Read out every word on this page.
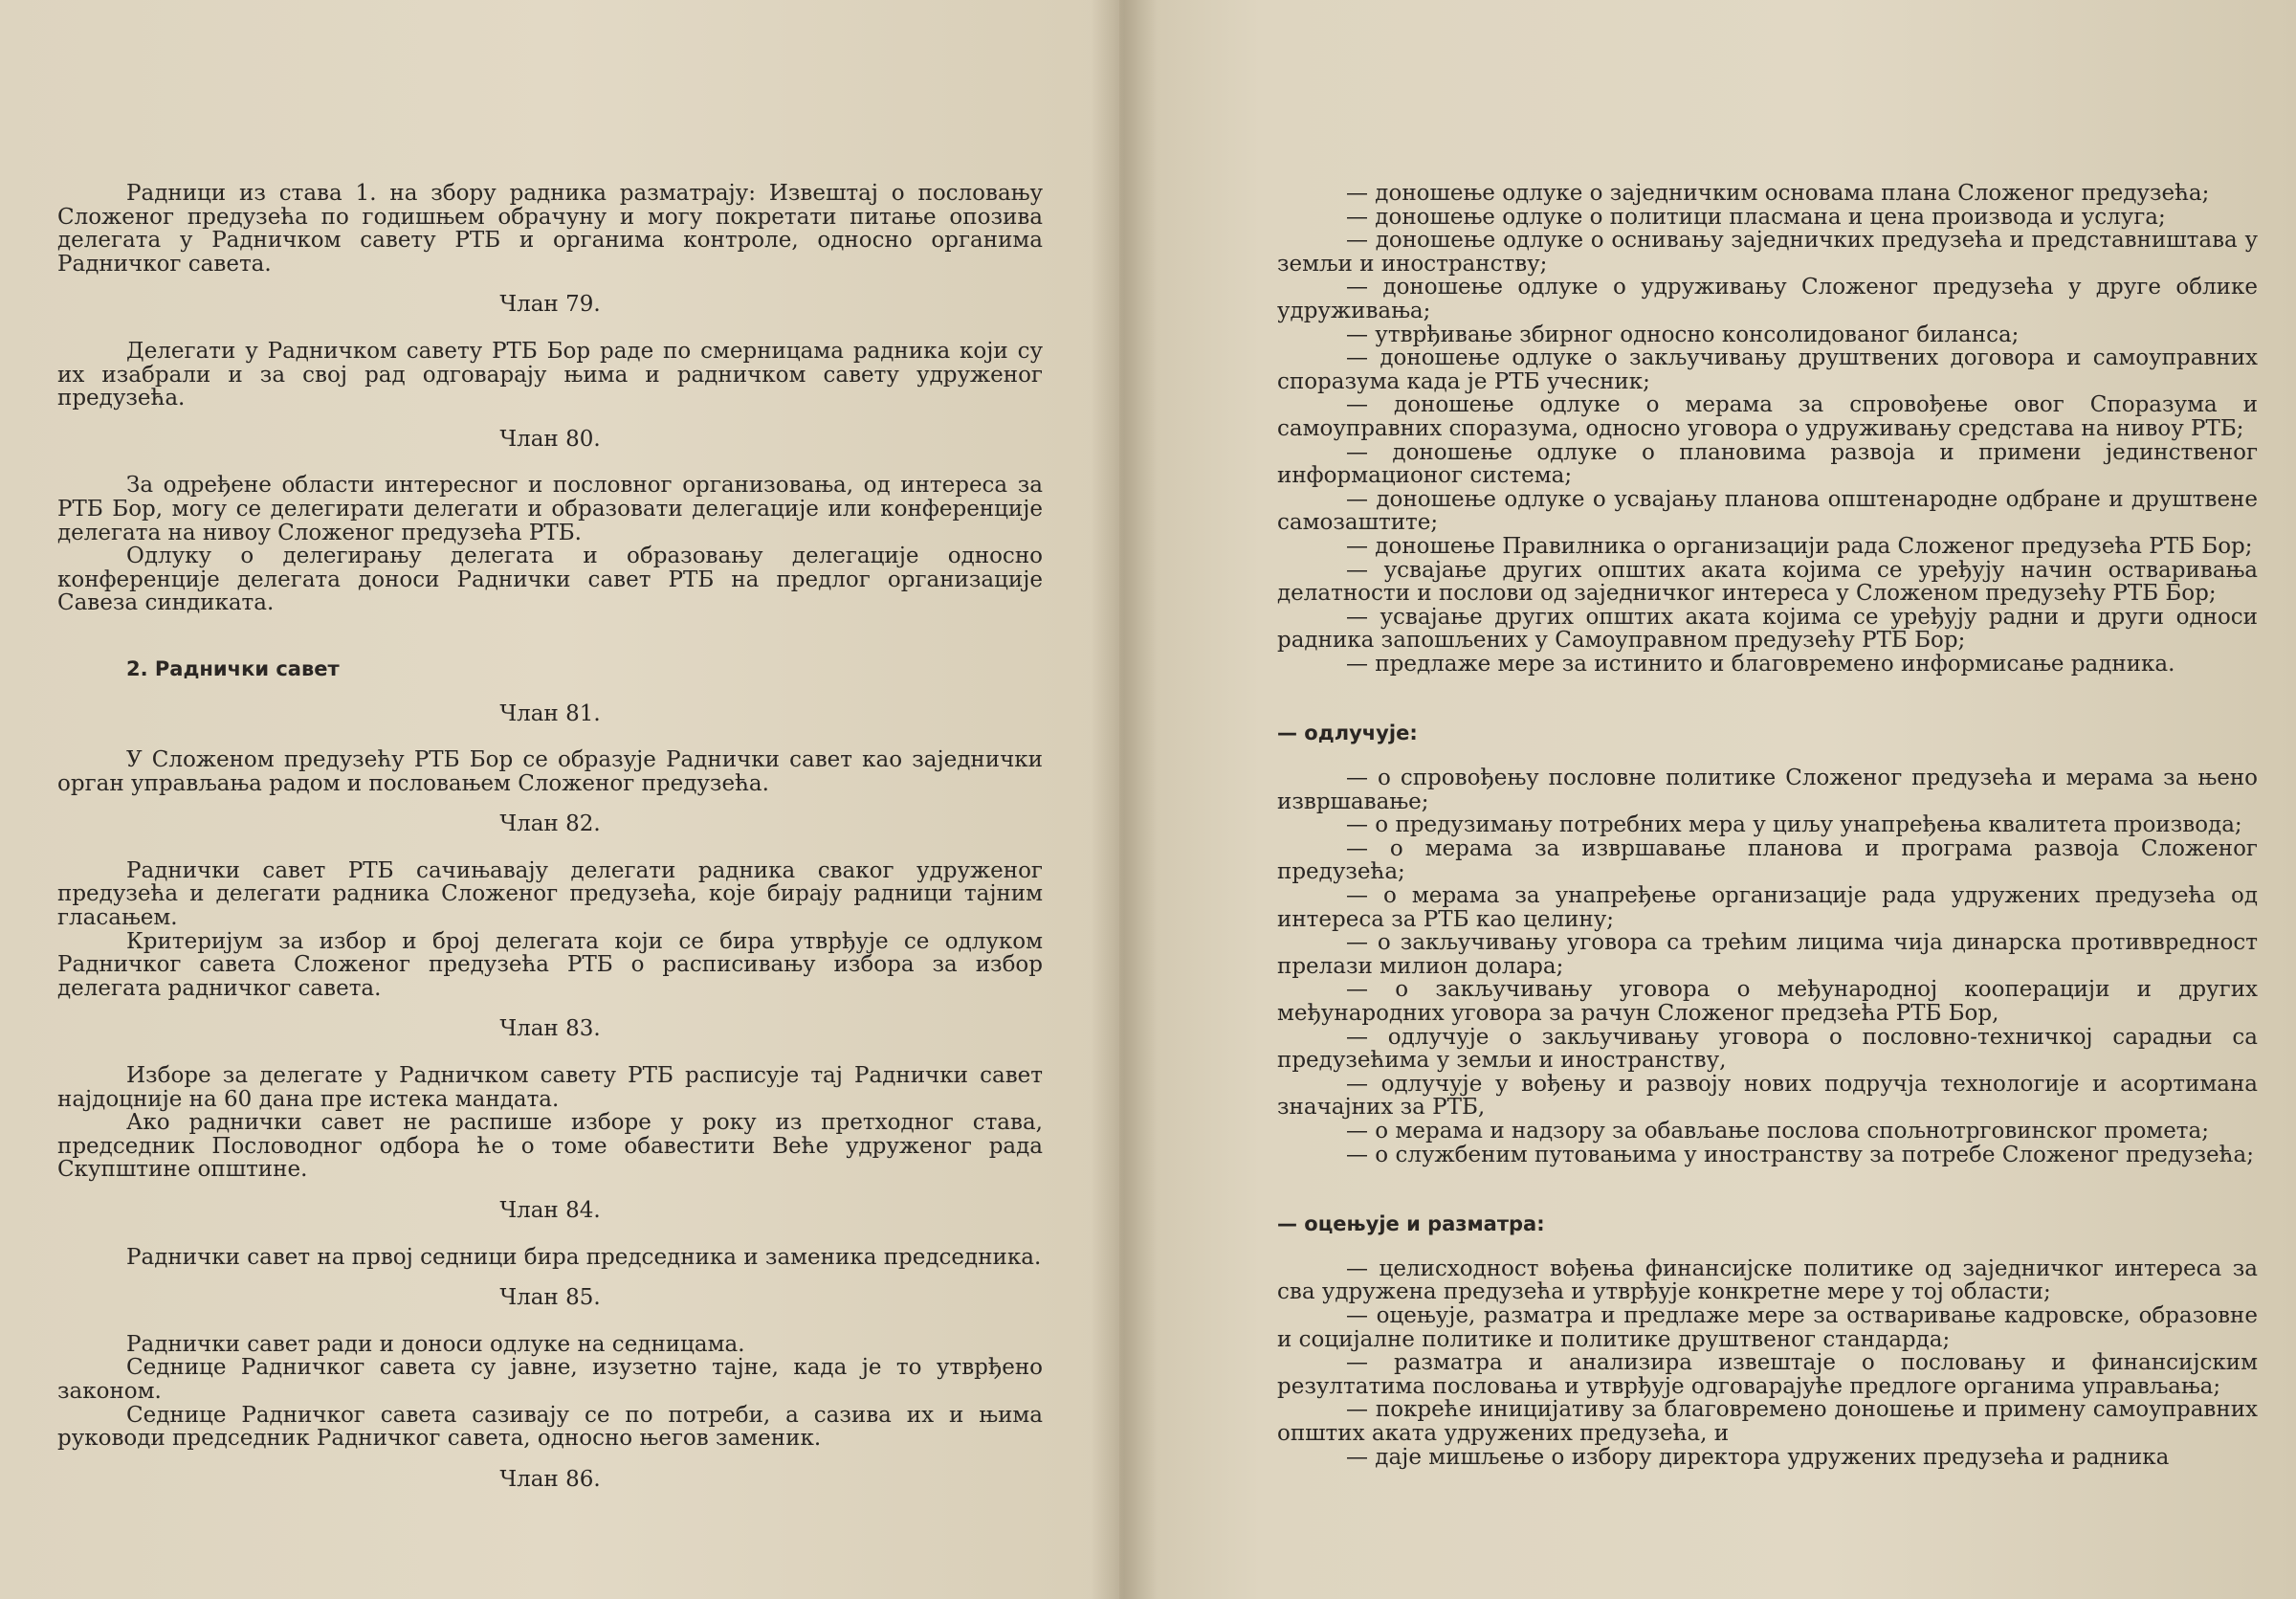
Радници из става 1. на збору радника разматрају: Извештај о пословању Сложеног предузећа по годишњем обрачуну и могу покретати питање опозива делегата у Радничком савету РТБ и органима контроле, односно органима Радничког савета.

Члан 79.

Делегати у Радничком савету РТБ Бор раде по смерницама радника који су их изабрали и за свој рад одговарају њима и радничком савету удруженог предузећа.

Члан 80.

За одређене области интересног и пословног организовања, од интереса за РТБ Бор, могу се делегирати делегати и образовати делегације или конференције делегата на нивоу Сложеног предузећа РТБ.

Одлуку о делегирању делегата и образовању делегације односно конференције делегата доноси Раднички савет РТБ на предлог организације Савеза синдиката.

2. Раднички савет
Члан 81.

У Сложеном предузећу РТБ Бор се образује Раднички савет као заједнички орган управљања радом и пословањем Сложеног предузећа.

Члан 82.

Раднички савет РТБ сачињавају делегати радника сваког удруженог предузећа и делегати радника Сложеног предузећа, које бирају радници тајним гласањем.

Критеријум за избор и број делегата који се бира утврђује се одлуком Радничког савета Сложеног предузећа РТБ о расписивању избора за избор делегата радничког савета.

Члан 83.

Изборе за делегате у Радничком савету РТБ расписује тај Раднички савет најдоцније на 60 дана пре истека мандата.

Ако раднички савет не распише изборе у року из претходног става, председник Пословодног одбора ће о томе обавестити Веће удруженог рада Скупштине општине.

Члан 84.

Раднички савет на првој седници бира председника и заменика председника.

Члан 85.

Раднички савет ради и доноси одлуке на седницама.

Седнице Радничког савета су јавне, изузетно тајне, када је то утврђено законом.

Седнице Радничког савета сазивају се по потреби, а сазива их и њима руководи председник Радничког савета, односно његов заменик.

Члан 86.

— доношење одлуке о заједничким основама плана Сложеног предузећа;

— доношење одлуке о политици пласмана и цена производа и услуга;

— доношење одлуке о оснивању заједничких предузећа и представништава у земљи и иностранству;

— доношење одлуке о удруживању Сложеног предузећа у друге облике удруживања;

— утврђивање збирног односно консолидованог биланса;

— доношење одлуке о закључивању друштвених договора и самоуправних споразума када је РТБ учесник;

— доношење одлуке о мерама за спровођење овог Споразума и самоуправних споразума, односно уговора о удруживању средстава на нивоу РТБ;

— доношење одлуке о плановима развоја и примени јединственог информационог система;

— доношење одлуке о усвајању планова општенародне одбране и друштвене самозаштите;

— доношење Правилника о организацији рада Сложеног предузећа РТБ Бор;

— усвајање других општих аката којима се уређују начин остваривања делатности и послови од заједничког интереса у Сложеном предузећу РТБ Бор;

— усвајање других општих аката којима се уређују радни и други односи радника запошљених у Самоуправном предузећу РТБ Бор;

— предлаже мере за истинито и благовремено информисање радника.

— одлучује:

— о спровођењу пословне политике Сложеног предузећа и мерама за њено извршавање;

— о предузимању потребних мера у циљу унапређења квалитета производа;

— о мерама за извршавање планова и програма развоја Сложеног предузећа;

— о мерама за унапређење организације рада удружених предузећа од интереса за РТБ као целину;

— о закључивању уговора са трећим лицима чија динарска противвредност прелази милион долара;

— о закључивању уговора о међународној кооперацији и других међународних уговора за рачун Сложеног предзећа РТБ Бор,

— одлучује о закључивању уговора о пословно-техничкој сарадњи са предузећима у земљи и иностранству,

— одлучује у вођењу и развоју нових подручја технологије и асортимана значајних за РТБ,

— о мерама и надзору за обављање послова спољнотрговинског промета;

— о службеним путовањима у иностранству за потребе Сложеног предузећа;

— оцењује и разматра:

— целисходност вођења финансијске политике од заједничког интереса за сва удружена предузећа и утврђује конкретне мере у тој области;

— оцењује, разматра и предлаже мере за остваривање кадровске, образовне и социјалне политике и политике друштвеног стандарда;

— разматра и анализира извештаје о пословању и финансијским резултатима пословања и утврђује одговарајуће предлоге органима управљања;

— покреће иницијативу за благовремено доношење и примену самоуправних општих аката удружених предузећа, и

— даје мишљење о избору директора удружених предузећа и радника
